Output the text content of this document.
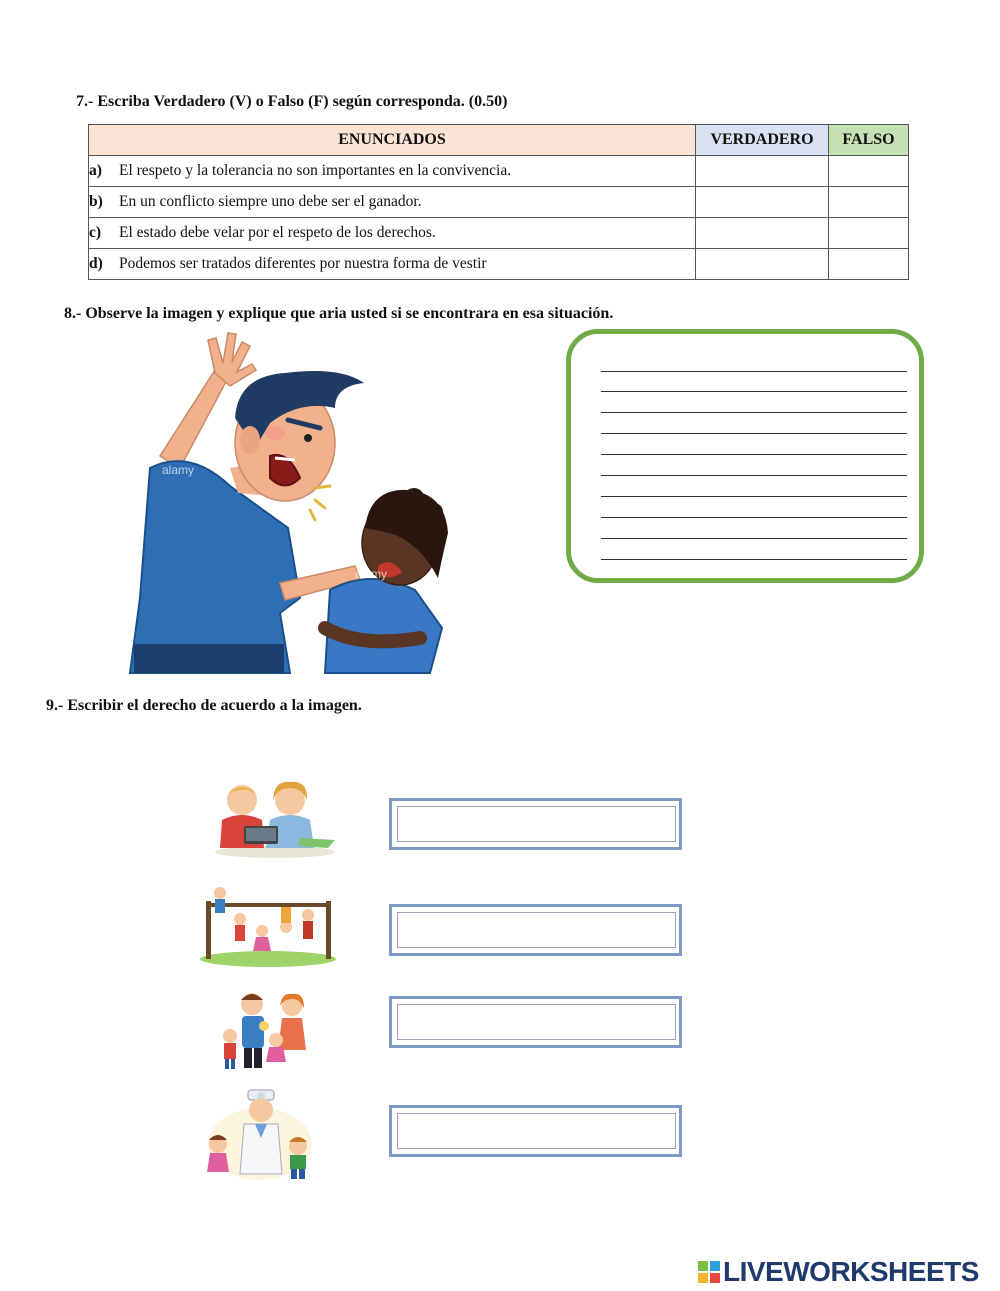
7.- Escriba Verdadero (V) o Falso (F) según corresponda. (0.50)
ENUNCIADOS	VERDADERO	FALSO
a) El respeto y la tolerancia no son importantes en la convivencia.		
b) En un conflicto siempre uno debe ser el ganador.		
c) El estado debe velar por el respeto de los derechos.		
d) Podemos ser tratados diferentes por nuestra forma de vestir		
8.- Observe la imagen y explique que aria usted si se encontrara en esa situación.
alamy
alamy
9.- Escribir el derecho de acuerdo a la imagen.
LIVEWORKSHEETS
